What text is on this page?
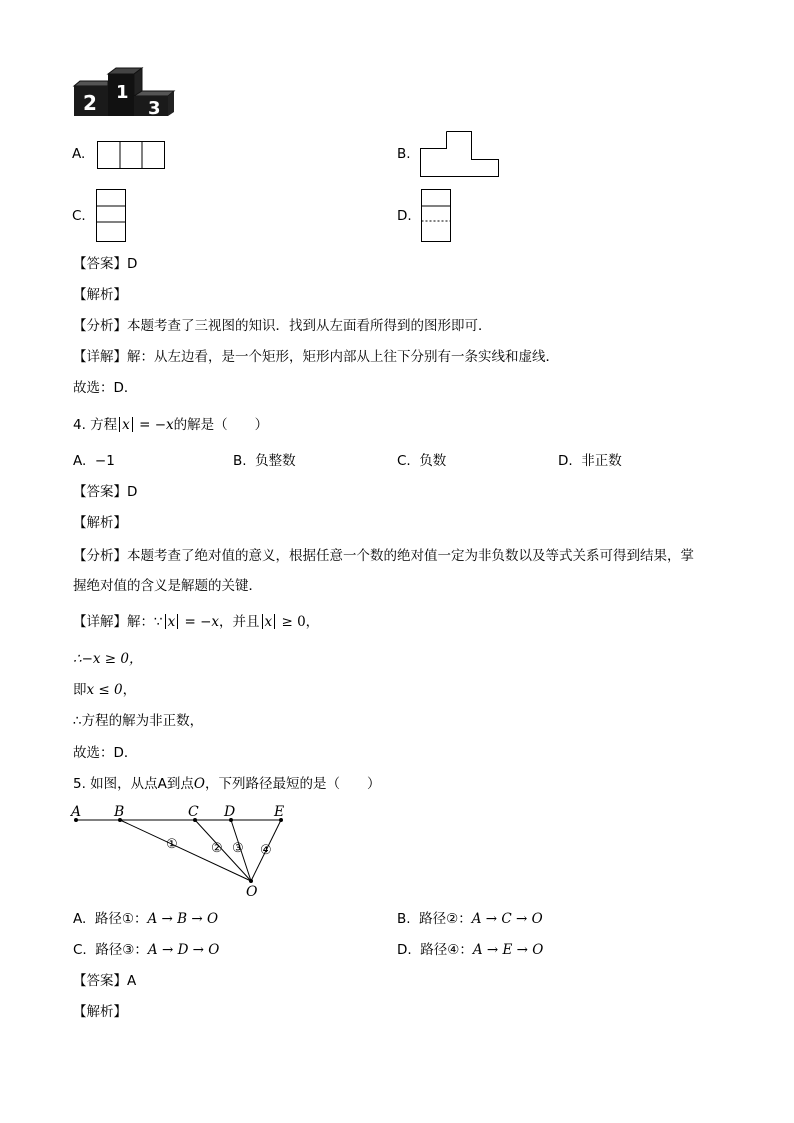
2 1
3
A.	B.
C.	D.
【答案】D
【解析】
【分析】本题考查了三视图的知识．找到从左面看所得到的图形即可．
【详解】解：从左边看，是一个矩形，矩形内部从上往下分别有一条实线和虚线．
故选：D．
4. 方程 x = −x的解是（　　）
A. −1	B. 负整数	C. 负数	D. 非正数
【答案】D
【解析】
【分析】本题考查了绝对值的意义，根据任意一个数的绝对值一定为非负数以及等式关系可得到结果，掌
握绝对值的含义是解题的关键．
【详解】解：∵ x = −x，并且 x ≥ 0，
∴−x ≥ 0，
即x ≤ 0，
∴方程的解为非正数，
故选：D．
5. 如图，从点A到点O，下列路径最短的是（　　）
A B	C D	E
O
①	② ③ ④
A. 路径①：A → B → O	B. 路径②：A → C → O
C. 路径③：A → D → O	D. 路径④：A → E → O
【答案】A
【解析】
